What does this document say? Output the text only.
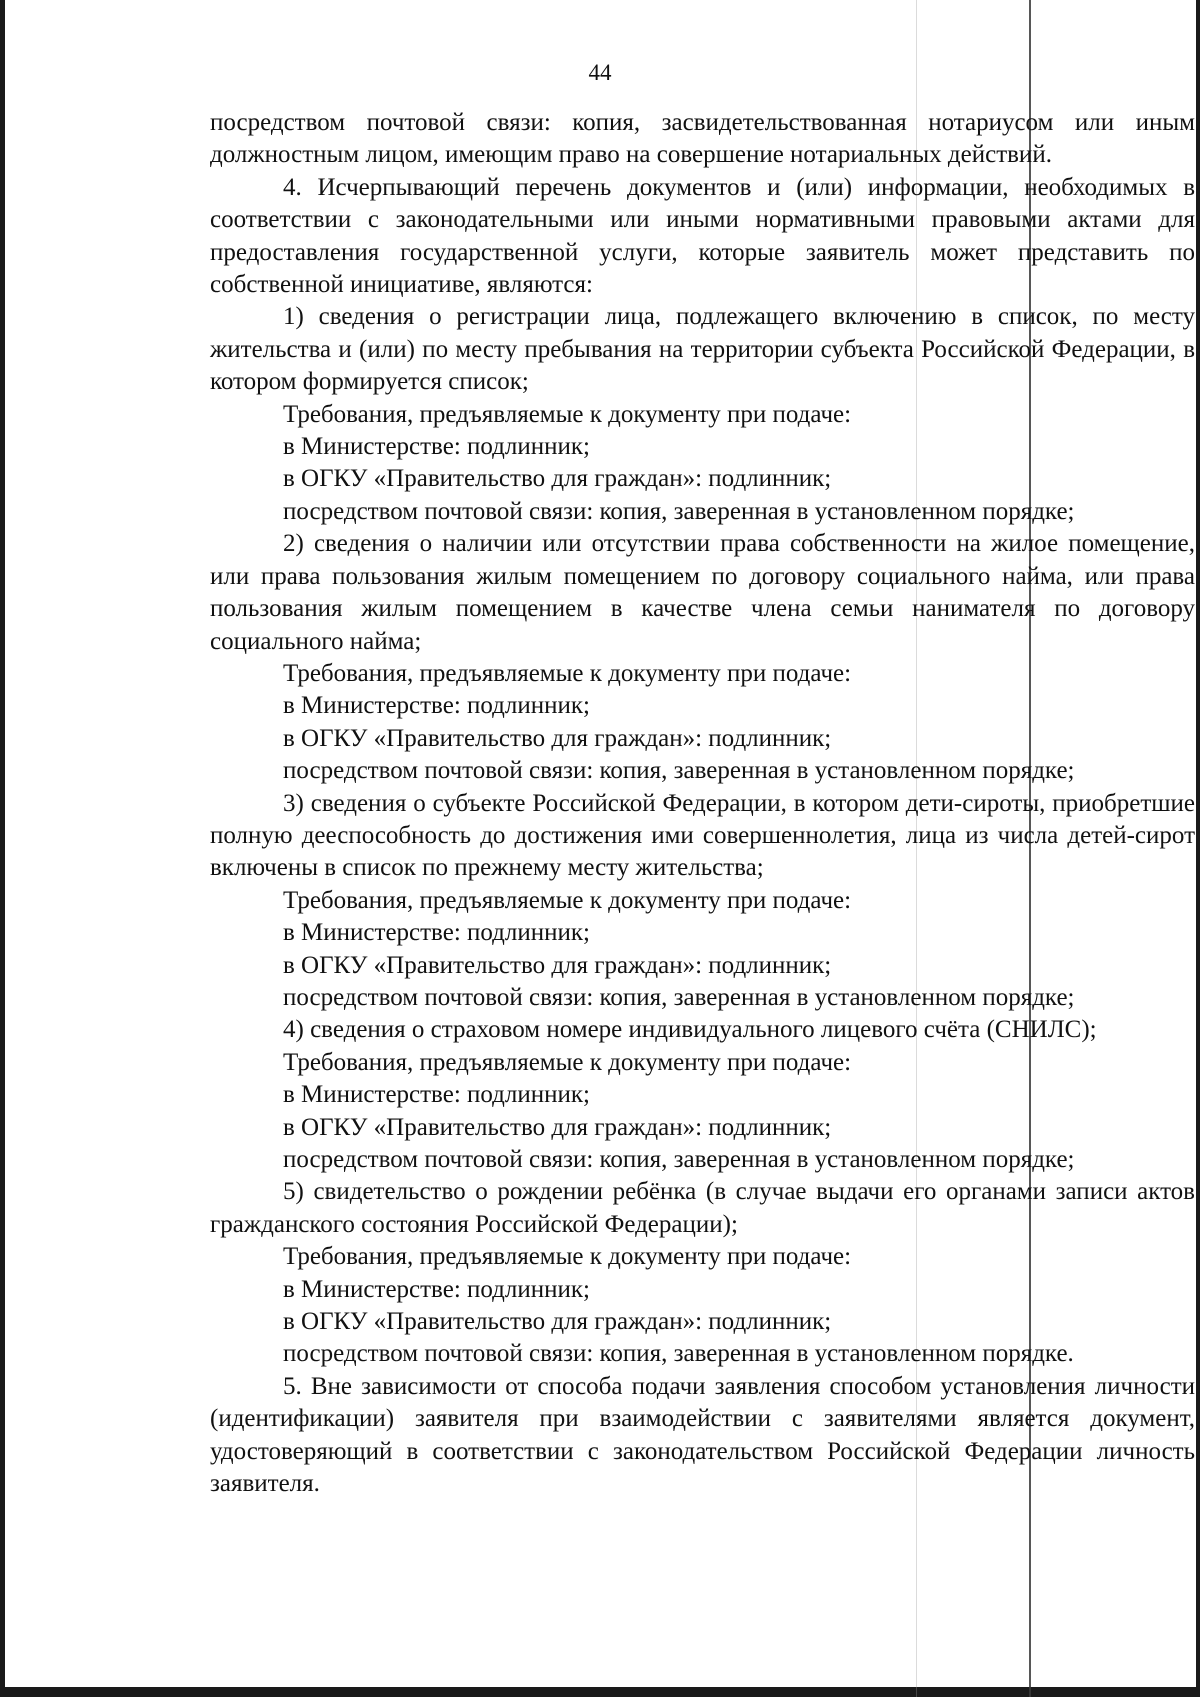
44

посредством почтовой связи: копия, засвидетельствованная нотариусом или иным должностным лицом, имеющим право на совершение нотариальных действий.

4. Исчерпывающий перечень документов и (или) информации, необходимых в соответствии с законодательными или иными нормативными правовыми актами для предоставления государственной услуги, которые заявитель может представить по собственной инициативе, являются:

1) сведения о регистрации лица, подлежащего включению в список, по месту жительства и (или) по месту пребывания на территории субъекта Российской Федерации, в котором формируется список;

Требования, предъявляемые к документу при подаче:

в Министерстве: подлинник;

в ОГКУ «Правительство для граждан»: подлинник;

посредством почтовой связи: копия, заверенная в установленном порядке;

2) сведения о наличии или отсутствии права собственности на жилое помещение, или права пользования жилым помещением по договору социального найма, или права пользования жилым помещением в качестве члена семьи нанимателя по договору социального найма;

Требования, предъявляемые к документу при подаче:

в Министерстве: подлинник;

в ОГКУ «Правительство для граждан»: подлинник;

посредством почтовой связи: копия, заверенная в установленном порядке;

3) сведения о субъекте Российской Федерации, в котором дети-сироты, приобретшие полную дееспособность до достижения ими совершеннолетия, лица из числа детей-сирот включены в список по прежнему месту жительства;

Требования, предъявляемые к документу при подаче:

в Министерстве: подлинник;

в ОГКУ «Правительство для граждан»: подлинник;

посредством почтовой связи: копия, заверенная в установленном порядке;

4) сведения о страховом номере индивидуального лицевого счёта (СНИЛС);

Требования, предъявляемые к документу при подаче:

в Министерстве: подлинник;

в ОГКУ «Правительство для граждан»: подлинник;

посредством почтовой связи: копия, заверенная в установленном порядке;

5) свидетельство о рождении ребёнка (в случае выдачи его органами записи актов гражданского состояния Российской Федерации);

Требования, предъявляемые к документу при подаче:

в Министерстве: подлинник;

в ОГКУ «Правительство для граждан»: подлинник;

посредством почтовой связи: копия, заверенная в установленном порядке.

5. Вне зависимости от способа подачи заявления способом установления личности (идентификации) заявителя при взаимодействии с заявителями является документ, удостоверяющий в соответствии с законодательством Российской Федерации личность заявителя.
